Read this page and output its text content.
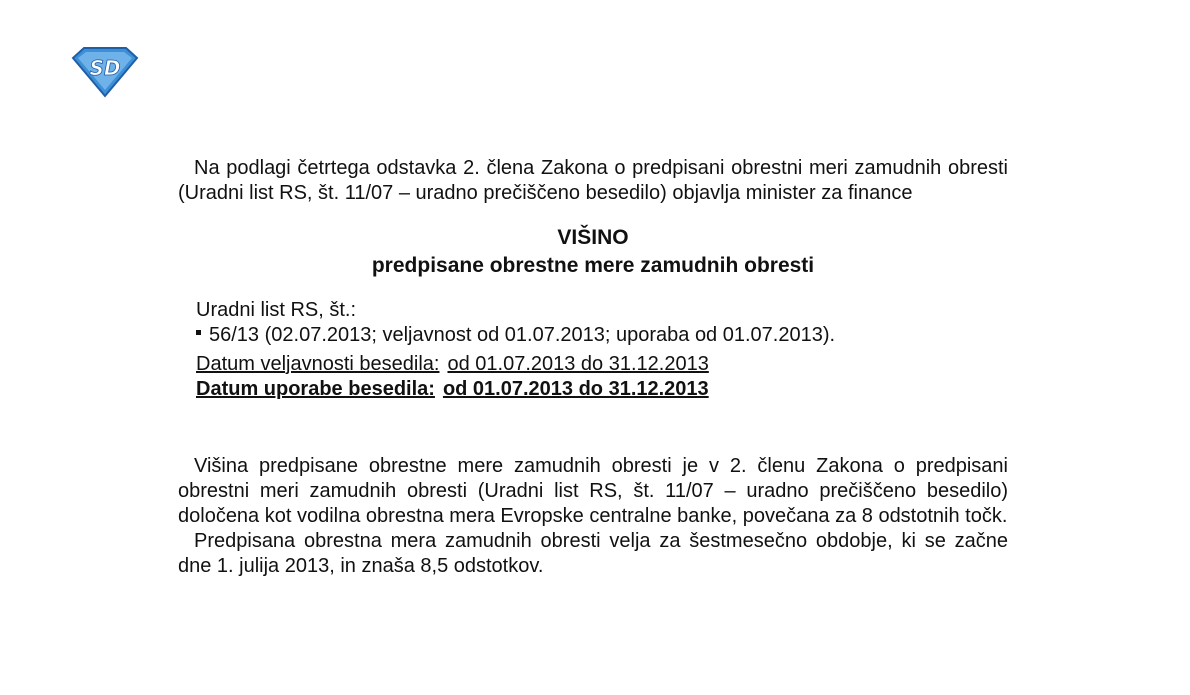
SD

Na podlagi četrtega odstavka 2. člena Zakona o predpisani obrestni meri zamudnih obresti (Uradni list RS, št. 11/07 – uradno prečiščeno besedilo) objavlja minister za finance

VIŠINO
predpisane obrestne mere zamudnih obresti

Uradni list RS, št.:

56/13 (02.07.2013; veljavnost od 01.07.2013; uporaba od 01.07.2013).

Datum veljavnosti besedila: od 01.07.2013 do 31.12.2013

Datum uporabe besedila: od 01.07.2013 do 31.12.2013

Višina predpisane obrestne mere zamudnih obresti je v 2. členu Zakona o predpisani obrestni meri zamudnih obresti (Uradni list RS, št. 11/07 – uradno prečiščeno besedilo) določena kot vodilna obrestna mera Evropske centralne banke, povečana za 8 odstotnih točk.

Predpisana obrestna mera zamudnih obresti velja za šestmesečno obdobje, ki se začne dne 1. julija 2013, in znaša 8,5 odstotkov.
